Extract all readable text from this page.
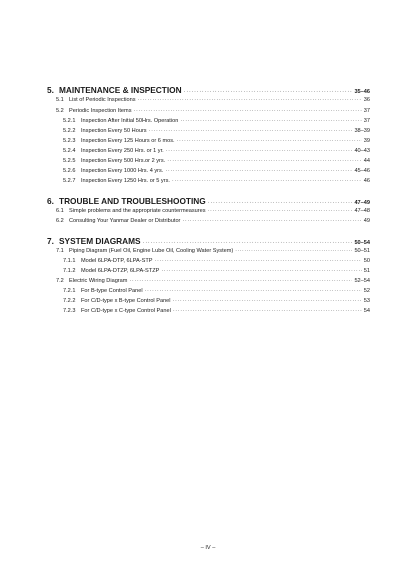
5. MAINTENANCE & INSPECTION ·····	35–46
5.1 List of Periodic Inspections ·····	36
5.2 Periodic Inspection Items ·····	37
5.2.1 Inspection After Initial 50Hrs. Operation ·····	37
5.2.2 Inspection Every 50 Hours ·····	38–39
5.2.3 Inspection Every 125 Hours or 6 mos. ·····	39
5.2.4 Inspection Every 250 Hrs. or 1 yr. ·····	40–43
5.2.5 Inspection Every 500 Hrs.or 2 yrs. ·····	44
5.2.6 Inspection Every 1000 Hrs. 4 yrs. ·····	45–46
5.2.7 Inspection Every 1250 Hrs. or 5 yrs. ·····	46
6. TROUBLE AND TROUBLESHOOTING ·····	47–49
6.1 Simple problems and the appropriate countermeasures ·····	47–48
6.2 Consulting Your Yanmar Dealer or Distributor ·····	49
7. SYSTEM DIAGRAMS ·····	50–54
7.1 Piping Diagram (Fuel Oil, Engine Lube Oil, Cooling Water System) ·····	50–51
7.1.1 Model 6LPA-DTP, 6LPA-STP ·····	50
7.1.2 Model 6LPA-DTZP, 6LPA-STZP ·····	51
7.2 Electric Wiring Diagram ·····	52–54
7.2.1 For B-type Control Panel ·····	52
7.2.2 For C/D-type x B-type Control Panel ·····	53
7.2.3 For C/D-type x C-type Control Panel ·····	54
– IV –
